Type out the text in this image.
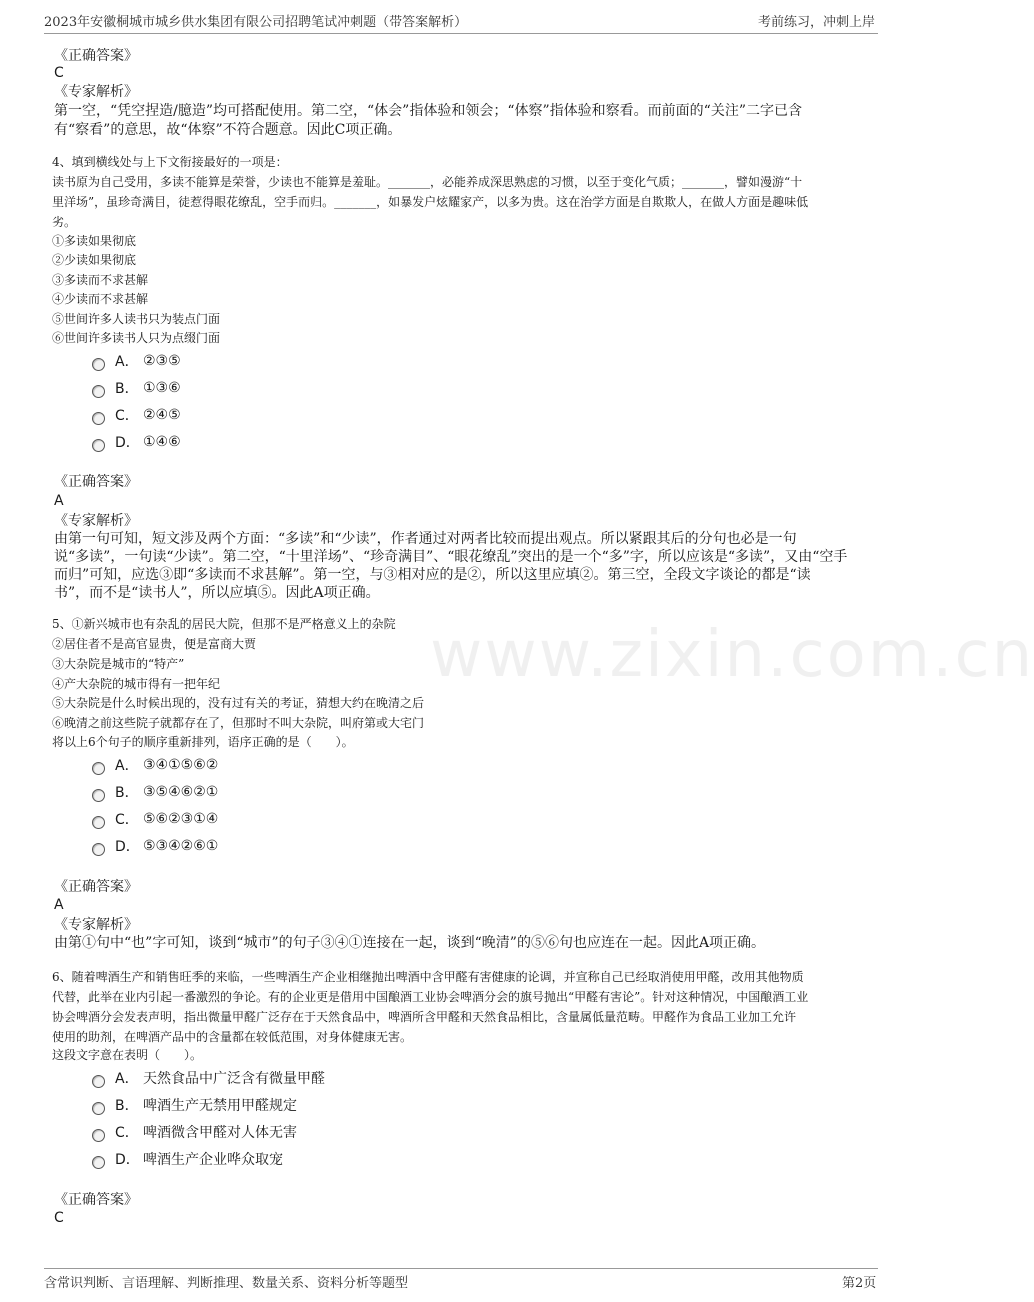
2023年安徽桐城市城乡供水集团有限公司招聘笔试冲刺题（带答案解析）	考前练习，冲刺上岸
www.zixin.com.cn
《正确答案》
C
《专家解析》
第一空，“凭空捏造/臆造”均可搭配使用。第二空，“体会”指体验和领会；“体察”指体验和察看。而前面的“关注”二字已含
有“察看”的意思，故“体察”不符合题意。因此C项正确。
4、填到横线处与上下文衔接最好的一项是：
读书原为自己受用，多读不能算是荣誉，少读也不能算是羞耻。_______，必能养成深思熟虑的习惯，以至于变化气质；_______，譬如漫游“十
里洋场”，虽珍奇满目，徒惹得眼花缭乱，空手而归。_______，如暴发户炫耀家产，以多为贵。这在治学方面是自欺欺人，在做人方面是趣味低
劣。
①多读如果彻底
②少读如果彻底
③多读而不求甚解
④少读而不求甚解
⑤世间许多人读书只为装点门面
⑥世间许多读书人只为点缀门面
A． ②③⑤
B． ①③⑥
C． ②④⑤
D． ①④⑥
《正确答案》
A
《专家解析》
由第一句可知，短文涉及两个方面：“多读”和“少读”，作者通过对两者比较而提出观点。所以紧跟其后的分句也必是一句
说“多读”，一句读“少读”。第二空，“十里洋场”、“珍奇满目”、“眼花缭乱”突出的是一个“多”字，所以应该是“多读”，又由“空手
而归”可知，应选③即“多读而不求甚解”。第一空，与③相对应的是②，所以这里应填②。第三空，全段文字谈论的都是“读
书”，而不是“读书人”，所以应填⑤。因此A项正确。
5、①新兴城市也有杂乱的居民大院，但那不是严格意义上的杂院
②居住者不是高官显贵，便是富商大贾
③大杂院是城市的“特产”
④产大杂院的城市得有一把年纪
⑤大杂院是什么时候出现的，没有过有关的考证，猜想大约在晚清之后
⑥晚清之前这些院子就都存在了，但那时不叫大杂院，叫府第或大宅门
将以上6个句子的顺序重新排列，语序正确的是（　　）。
A． ③④①⑤⑥②
B． ③⑤④⑥②①
C． ⑤⑥②③①④
D． ⑤③④②⑥①
《正确答案》
A
《专家解析》
由第①句中“也”字可知，谈到“城市”的句子③④①连接在一起，谈到“晚清”的⑤⑥句也应连在一起。因此A项正确。
6、随着啤酒生产和销售旺季的来临，一些啤酒生产企业相继抛出啤酒中含甲醛有害健康的论调，并宣称自己已经取消使用甲醛，改用其他物质
代替，此举在业内引起一番激烈的争论。有的企业更是借用中国酿酒工业协会啤酒分会的旗号抛出“甲醛有害论”。针对这种情况，中国酿酒工业
协会啤酒分会发表声明，指出微量甲醛广泛存在于天然食品中，啤酒所含甲醛和天然食品相比，含量属低量范畴。甲醛作为食品工业加工允许
使用的助剂，在啤酒产品中的含量都在较低范围，对身体健康无害。
这段文字意在表明（　　）。
A． 天然食品中广泛含有微量甲醛
B． 啤酒生产无禁用甲醛规定
C． 啤酒微含甲醛对人体无害
D． 啤酒生产企业哗众取宠
《正确答案》
C
含常识判断、言语理解、判断推理、数量关系、资料分析等题型	第2页
